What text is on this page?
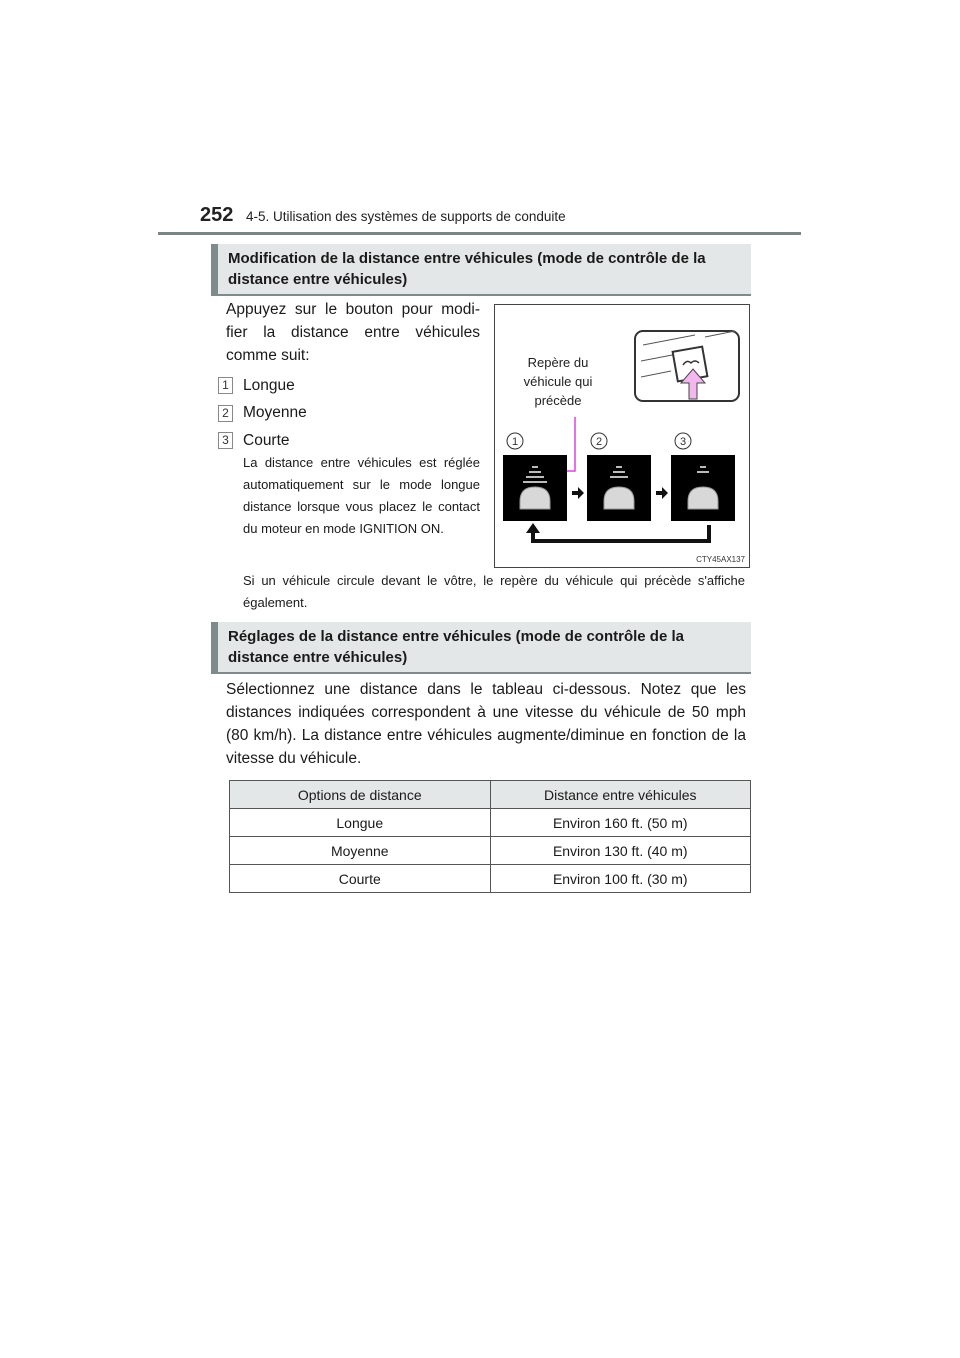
252 4-5. Utilisation des systèmes de supports de conduite
Modification de la distance entre véhicules (mode de contrôle de la distance entre véhicules)
Appuyez sur le bouton pour modi-fier la distance entre véhicules comme suit:
1 Longue
2 Moyenne
3 Courte
La distance entre véhicules est réglée automatiquement sur le mode longue distance lorsque vous placez le contact du moteur en mode IGNITION ON.
Si un véhicule circule devant le vôtre, le repère du véhicule qui précède s'affiche également.
Repère du véhicule qui précède
1	2	3
CTY45AX137
Réglages de la distance entre véhicules (mode de contrôle de la distance entre véhicules)
Sélectionnez une distance dans le tableau ci-dessous. Notez que les distances indiquées correspondent à une vitesse du véhicule de 50 mph (80 km/h). La distance entre véhicules augmente/diminue en fonction de la vitesse du véhicule.
Options de distance	Distance entre véhicules
Longue	Environ 160 ft. (50 m)
Moyenne	Environ 130 ft. (40 m)
Courte	Environ 100 ft. (30 m)
